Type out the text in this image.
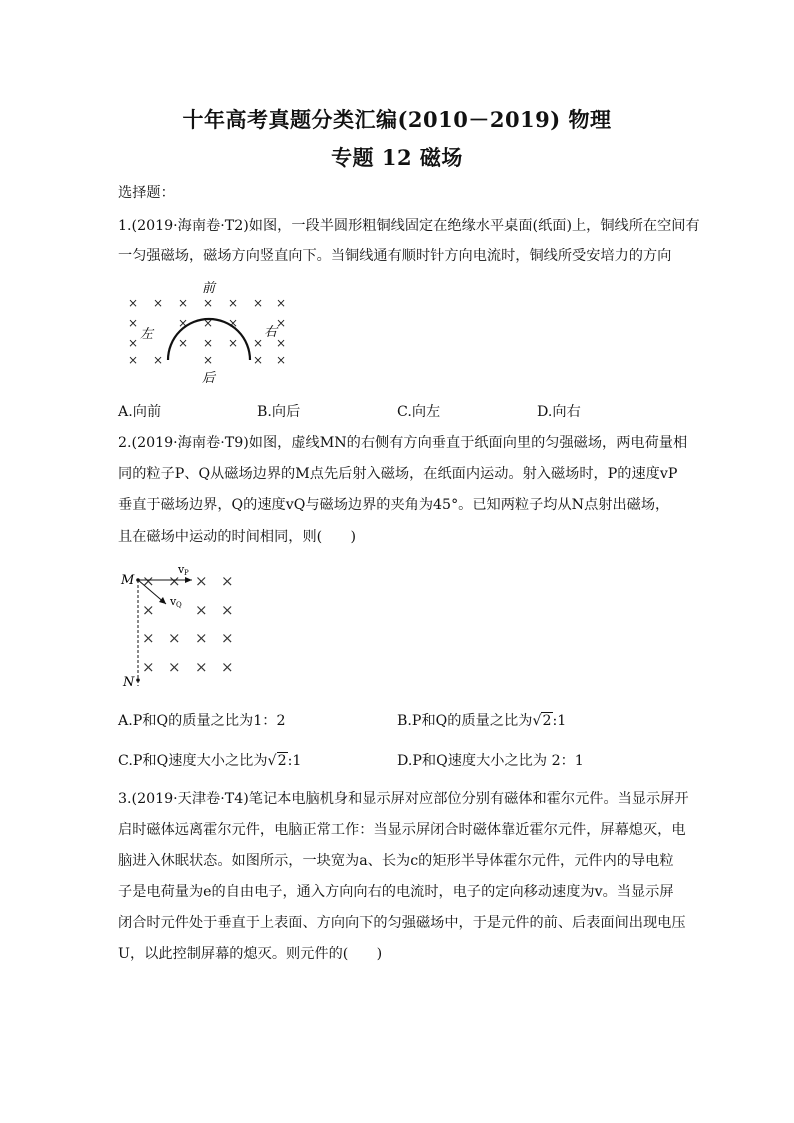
十年高考真题分类汇编(2010－2019) 物理
专题 12 磁场
选择题：
1.(2019·海南卷·T2)如图，一段半圆形粗铜线固定在绝缘水平桌面(纸面)上，铜线所在空间有
一匀强磁场，磁场方向竖直向下。当铜线通有顺时针方向电流时，铜线所受安培力的方向
× × × × × × ×
×	× × ×	×
×	× × × × ×
× ×	×	× ×
前
后
左	右
A.向前	B.向后	C.向左	D.向右
2.(2019·海南卷·T9)如图，虚线MN的右侧有方向垂直于纸面向里的匀强磁场，两电荷量相
同的粒子P、Q从磁场边界的M点先后射入磁场，在纸面内运动。射入磁场时，P的速度vP
垂直于磁场边界，Q的速度vQ与磁场边界的夹角为45°。已知两粒子均从N点射出磁场，
且在磁场中运动的时间相同，则(　　)
× × × ×
×	× ×
× × × ×
× × × ×
M
N
v P
v Q
A.P和Q的质量之比为1：2	B.P和Q的质量之比为√2:1
C.P和Q速度大小之比为√2:1	D.P和Q速度大小之比为 2：1
3.(2019·天津卷·T4)笔记本电脑机身和显示屏对应部位分别有磁体和霍尔元件。当显示屏开
启时磁体远离霍尔元件，电脑正常工作：当显示屏闭合时磁体靠近霍尔元件，屏幕熄灭，电
脑进入休眠状态。如图所示，一块宽为a、长为c的矩形半导体霍尔元件，元件内的导电粒
子是电荷量为e的自由电子，通入方向向右的电流时，电子的定向移动速度为v。当显示屏
闭合时元件处于垂直于上表面、方向向下的匀强磁场中，于是元件的前、后表面间出现电压
U，以此控制屏幕的熄灭。则元件的(　　)
